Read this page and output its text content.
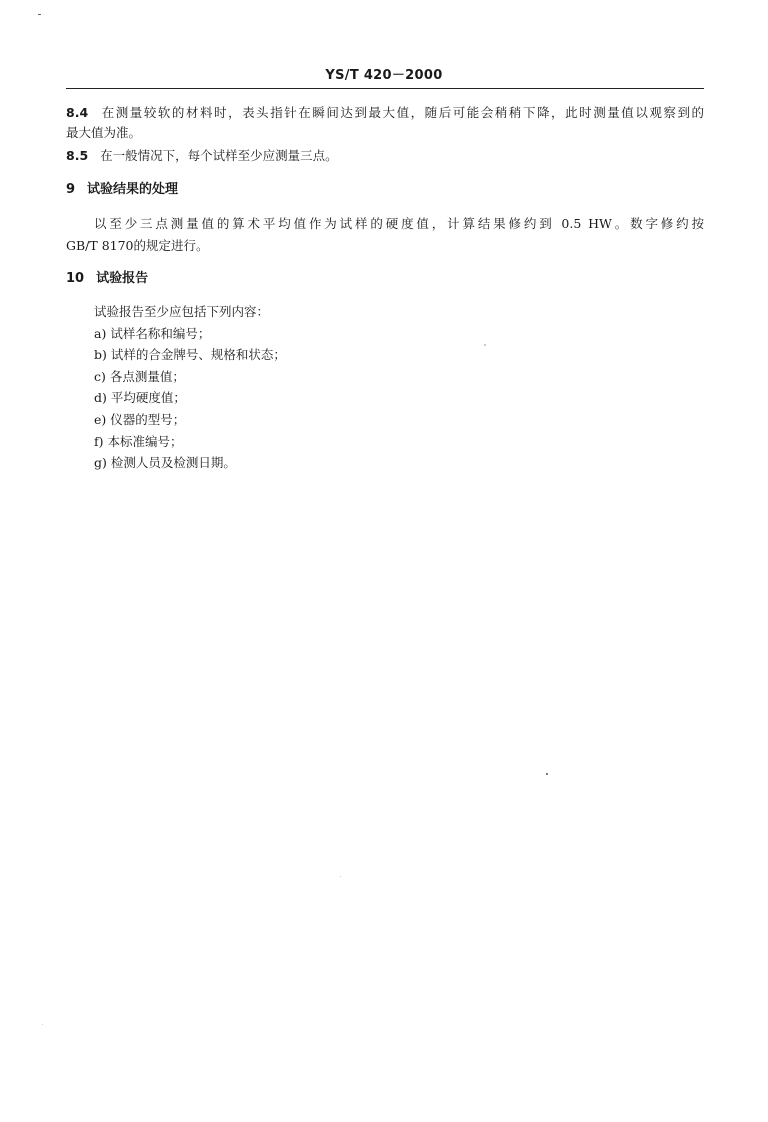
YS/T 420－2000
8.4 在测量较软的材料时，表头指针在瞬间达到最大值，随后可能会稍稍下降，此时测量值以观察到的
最大值为准。
8.5 在一般情况下，每个试样至少应测量三点。
9 试验结果的处理
以至少三点测量值的算术平均值作为试样的硬度值，计算结果修约到 0.5 HW。数字修约按
GB/T 8170的规定进行。
10 试验报告
试验报告至少应包括下列内容：
a) 试样名称和编号；
b) 试样的合金牌号、规格和状态；
c) 各点测量值；
d) 平均硬度值；
e) 仪器的型号；
f) 本标准编号；
g) 检测人员及检测日期。
